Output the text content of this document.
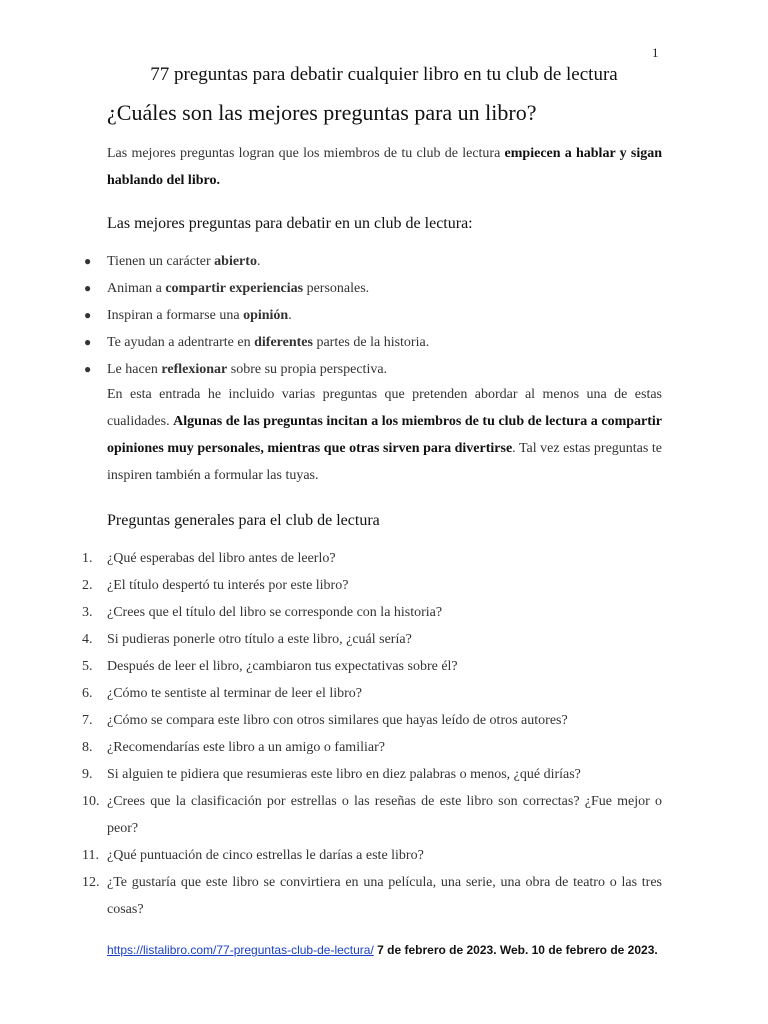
1
77 preguntas para debatir cualquier libro en tu club de lectura
¿Cuáles son las mejores preguntas para un libro?
Las mejores preguntas logran que los miembros de tu club de lectura empiecen a hablar y sigan hablando del libro.
Las mejores preguntas para debatir en un club de lectura:
● Tienen un carácter abierto.
● Animan a compartir experiencias personales.
● Inspiran a formarse una opinión.
● Te ayudan a adentrarte en diferentes partes de la historia.
● Le hacen reflexionar sobre su propia perspectiva.
En esta entrada he incluido varias preguntas que pretenden abordar al menos una de estas cualidades. Algunas de las preguntas incitan a los miembros de tu club de lectura a compartir opiniones muy personales, mientras que otras sirven para divertirse. Tal vez estas preguntas te inspiren también a formular las tuyas.
Preguntas generales para el club de lectura
1. ¿Qué esperabas del libro antes de leerlo?
2. ¿El título despertó tu interés por este libro?
3. ¿Crees que el título del libro se corresponde con la historia?
4. Si pudieras ponerle otro título a este libro, ¿cuál sería?
5. Después de leer el libro, ¿cambiaron tus expectativas sobre él?
6. ¿Cómo te sentiste al terminar de leer el libro?
7. ¿Cómo se compara este libro con otros similares que hayas leído de otros autores?
8. ¿Recomendarías este libro a un amigo o familiar?
9. Si alguien te pidiera que resumieras este libro en diez palabras o menos, ¿qué dirías?
10. ¿Crees que la clasificación por estrellas o las reseñas de este libro son correctas? ¿Fue mejor o peor?
11. ¿Qué puntuación de cinco estrellas le darías a este libro?
12. ¿Te gustaría que este libro se convirtiera en una película, una serie, una obra de teatro o las tres cosas?
https://listalibro.com/77-preguntas-club-de-lectura/ 7 de febrero de 2023. Web. 10 de febrero de 2023.
